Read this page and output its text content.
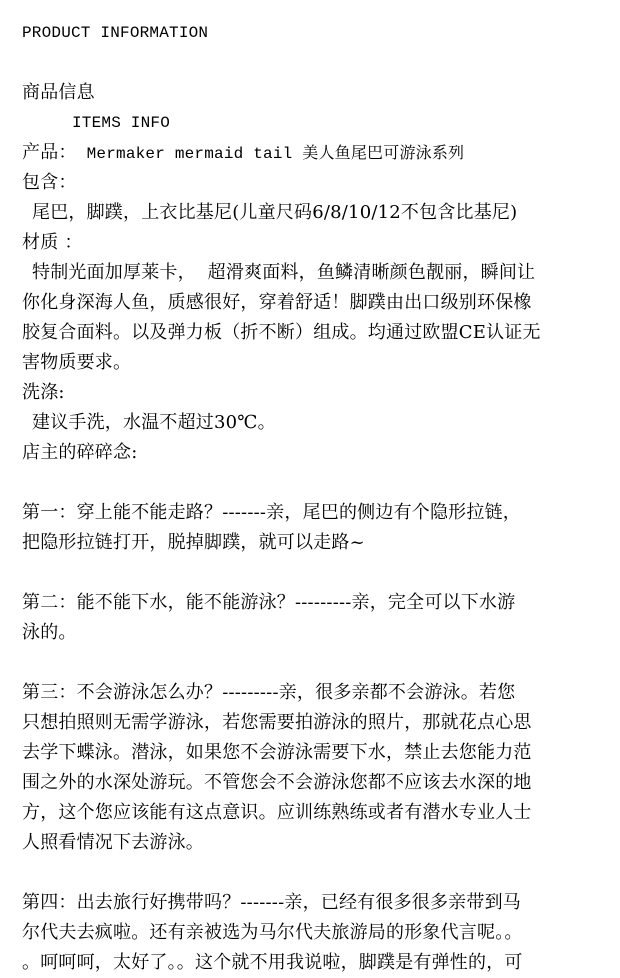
PRODUCT INFORMATION
商品信息
ITEMS INFO
产品： Mermaker mermaid tail 美人鱼尾巴可游泳系列
包含：
尾巴，脚蹼，上衣比基尼(儿童尺码6/8/10/12不包含比基尼)
材质 ：
特制光面加厚莱卡，  超滑爽面料，鱼鳞清晰颜色靓丽，瞬间让
你化身深海人鱼，质感很好，穿着舒适！脚蹼由出口级别环保橡
胶复合面料。以及弹力板（折不断）组成。均通过欧盟CE认证无
害物质要求。
洗涤:
建议手洗，水温不超过30℃。
店主的碎碎念:
第一：穿上能不能走路？-------亲，尾巴的侧边有个隐形拉链，
把隐形拉链打开，脱掉脚蹼，就可以走路~
第二：能不能下水，能不能游泳？---------亲，完全可以下水游
泳的。
第三：不会游泳怎么办？---------亲，很多亲都不会游泳。若您
只想拍照则无需学游泳，若您需要拍游泳的照片，那就花点心思
去学下蝶泳。潜泳，如果您不会游泳需要下水，禁止去您能力范
围之外的水深处游玩。不管您会不会游泳您都不应该去水深的地
方，这个您应该能有这点意识。应训练熟练或者有潜水专业人士
人照看情况下去游泳。
第四：出去旅行好携带吗？-------亲，已经有很多很多亲带到马
尔代夫去疯啦。还有亲被选为马尔代夫旅游局的形象代言呢。。
。呵呵呵，太好了。。这个就不用我说啦，脚蹼是有弹性的，可
